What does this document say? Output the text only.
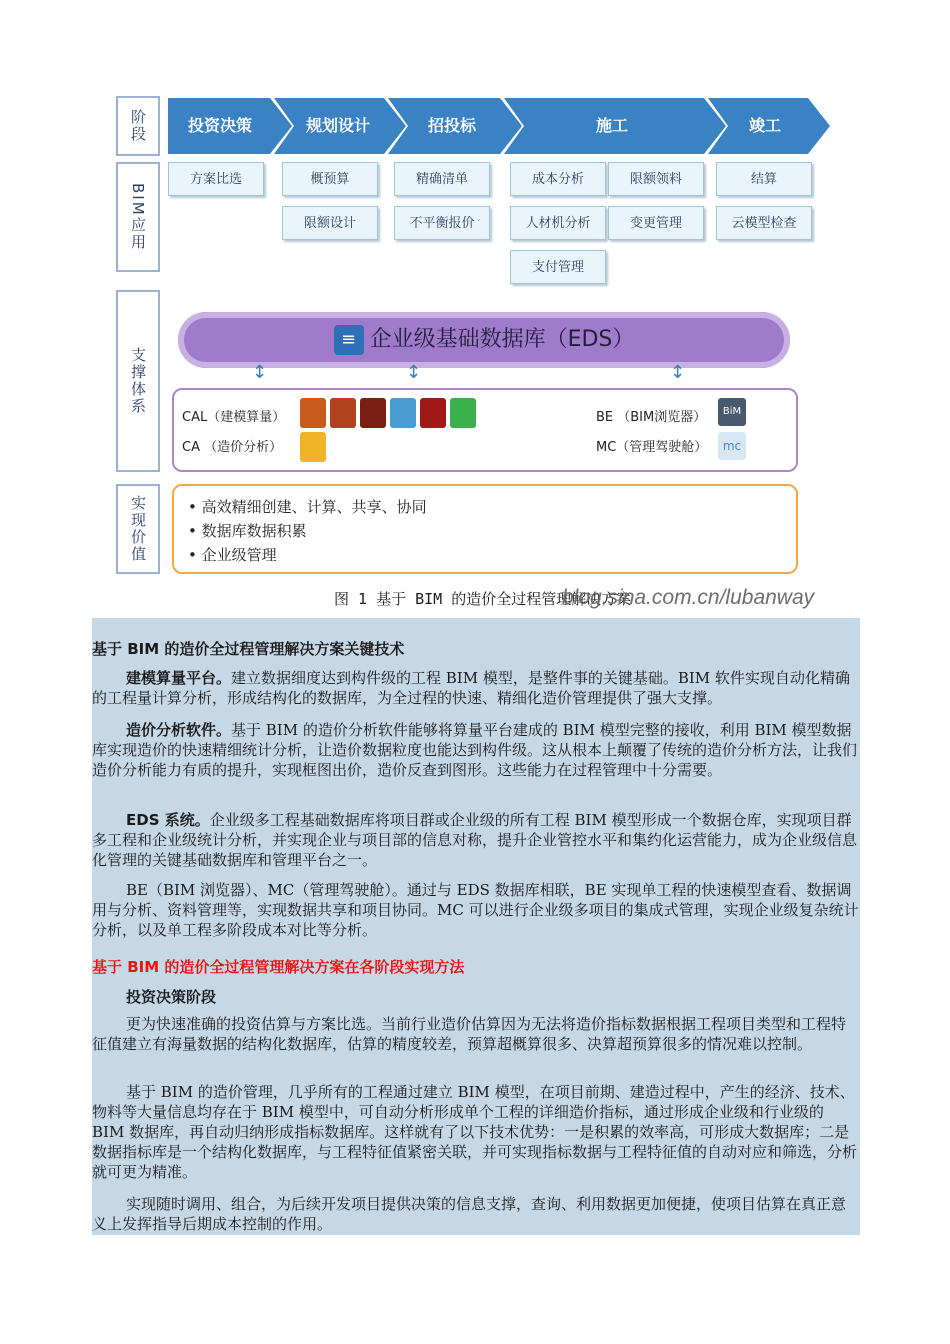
阶段
BIM应用
支撑体系
实现价值
投资决策	规划设计	招投标	施工	竣工
方案比选	概预算
限额设计
精确清单
不平衡报价
成本分析
人材机分析
支付管理
限额领料
变更管理
结算
云模型检查
≡ 企业级基础数据库（EDS）
↕	↕	↕
CAL（建模算量）
CA （造价分析）
BE （BIM浏览器）
MC（管理驾驶舱）
BiM
mc
• 高效精细创建、计算、共享、协同
• 数据库数据积累
• 企业级管理
图 1 基于 BIM 的造价全过程管理解决方案
blog.sina.com.cn/lubanway
基于 BIM 的造价全过程管理解决方案关键技术
建模算量平台。建立数据细度达到构件级的工程 BIM 模型，是整件事的关键基础。BIM 软件实现自动化精确的工程量计算分析，形成结构化的数据库，为全过程的快速、精细化造价管理提供了强大支撑。
造价分析软件。基于 BIM 的造价分析软件能够将算量平台建成的 BIM 模型完整的接收，利用 BIM 模型数据库实现造价的快速精细统计分析，让造价数据粒度也能达到构件级。这从根本上颠覆了传统的造价分析方法，让我们造价分析能力有质的提升，实现框图出价，造价反查到图形。这些能力在过程管理中十分需要。
EDS 系统。企业级多工程基础数据库将项目群或企业级的所有工程 BIM 模型形成一个数据仓库，实现项目群多工程和企业级统计分析，并实现企业与项目部的信息对称，提升企业管控水平和集约化运营能力，成为企业级信息化管理的关键基础数据库和管理平台之一。
BE（BIM 浏览器）、MC（管理驾驶舱）。通过与 EDS 数据库相联，BE 实现单工程的快速模型查看、数据调用与分析、资料管理等，实现数据共享和项目协同。MC 可以进行企业级多项目的集成式管理，实现企业级复杂统计分析，以及单工程多阶段成本对比等分析。
基于 BIM 的造价全过程管理解决方案在各阶段实现方法
投资决策阶段
更为快速准确的投资估算与方案比选。当前行业造价估算因为无法将造价指标数据根据工程项目类型和工程特征值建立有海量数据的结构化数据库，估算的精度较差，预算超概算很多、决算超预算很多的情况难以控制。
基于 BIM 的造价管理，几乎所有的工程通过建立 BIM 模型，在项目前期、建造过程中，产生的经济、技术、物料等大量信息均存在于 BIM 模型中，可自动分析形成单个工程的详细造价指标，通过形成企业级和行业级的 BIM 数据库，再自动归纳形成指标数据库。这样就有了以下技术优势：一是积累的效率高，可形成大数据库；二是数据指标库是一个结构化数据库，与工程特征值紧密关联，并可实现指标数据与工程特征值的自动对应和筛选，分析就可更为精准。
实现随时调用、组合，为后续开发项目提供决策的信息支撑，查询、利用数据更加便捷，使项目估算在真正意义上发挥指导后期成本控制的作用。
